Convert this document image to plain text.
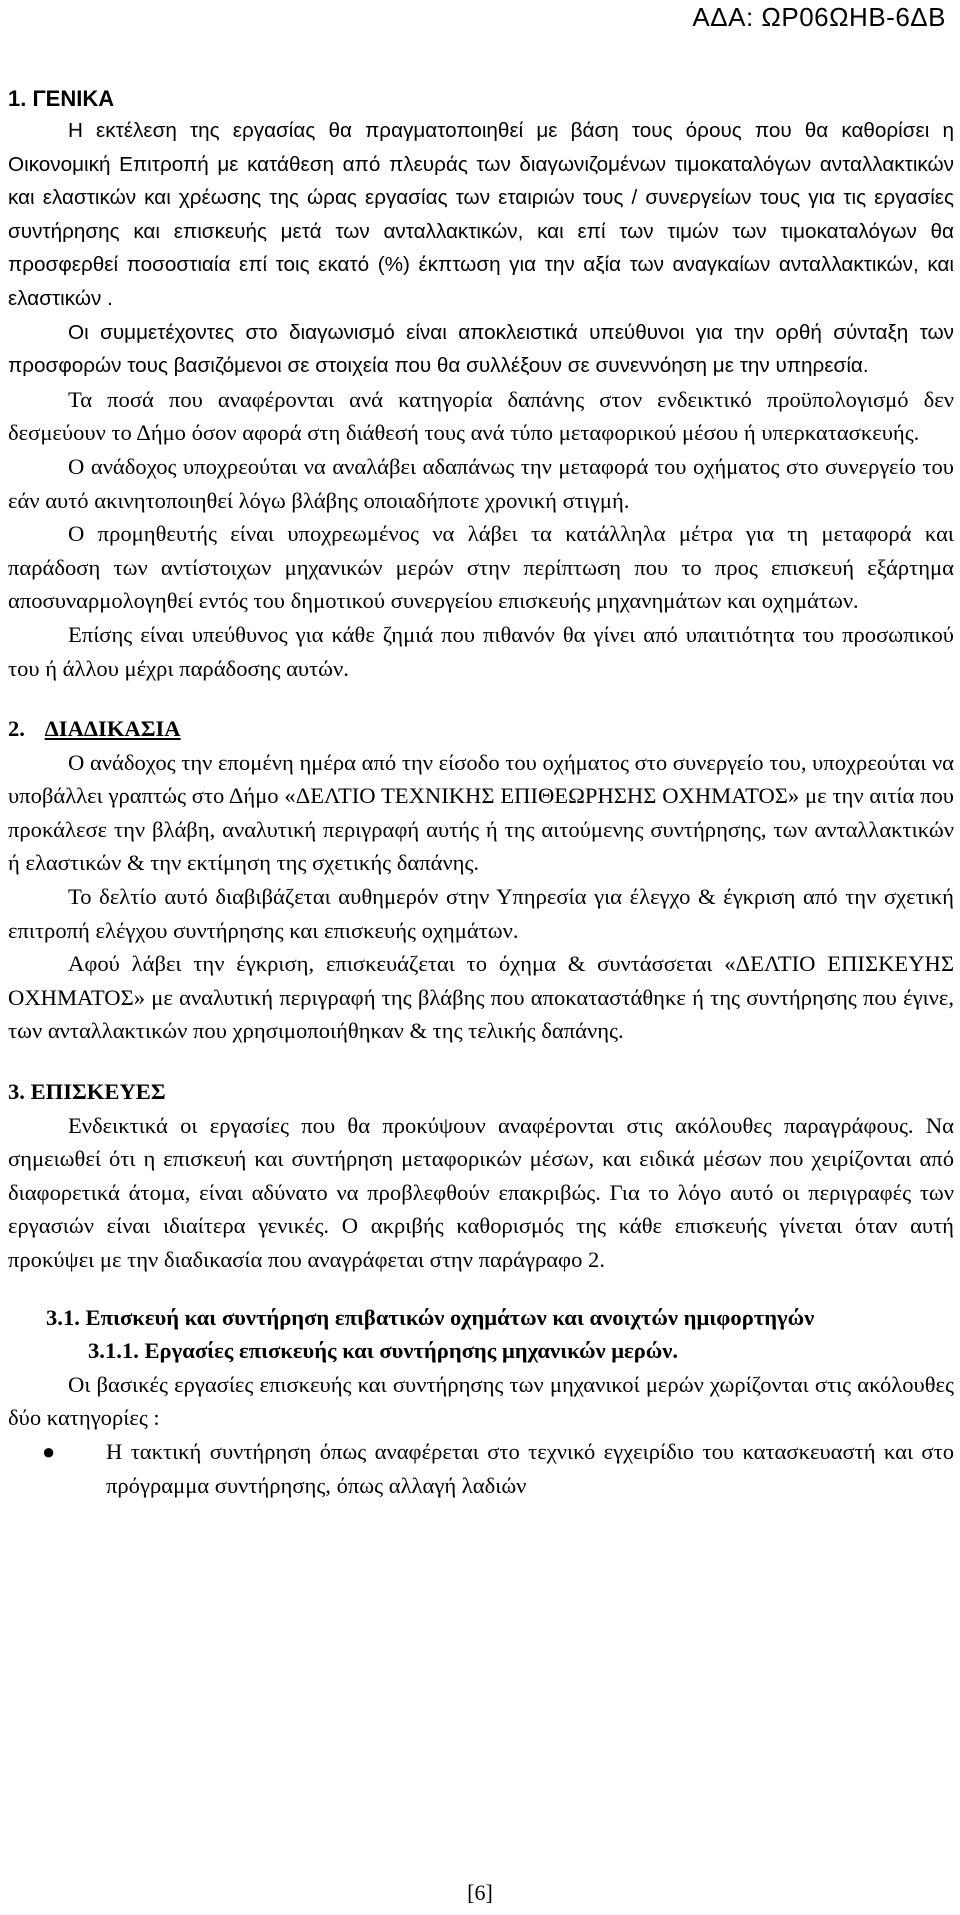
ΑΔΑ: ΩΡ06ΩΗΒ-6ΔΒ
1. ΓΕΝΙΚΑ

Η εκτέλεση της εργασίας θα πραγματοποιηθεί με βάση τους όρους που θα καθορίσει η Οικονομική Επιτροπή με κατάθεση από πλευράς των διαγωνιζομένων τιμοκαταλόγων ανταλλακτικών και ελαστικών και χρέωσης της ώρας εργασίας των εταιριών τους / συνεργείων τους για τις εργασίες συντήρησης και επισκευής μετά των ανταλλακτικών, και επί των τιμών των τιμοκαταλόγων θα προσφερθεί ποσοστιαία επί τοις εκατό (%) έκπτωση για την αξία των αναγκαίων ανταλλακτικών, και ελαστικών .

Οι συμμετέχοντες στο διαγωνισμό είναι αποκλειστικά υπεύθυνοι για την ορθή σύνταξη των προσφορών τους βασιζόμενοι σε στοιχεία που θα συλλέξουν σε συνεννόηση με την υπηρεσία.

Τα ποσά που αναφέρονται ανά κατηγορία δαπάνης στον ενδεικτικό προϋπολογισμό δεν δεσμεύουν το Δήμο όσον αφορά στη διάθεσή τους ανά τύπο μεταφορικού μέσου ή υπερκατασκευής.

Ο ανάδοχος υποχρεούται να αναλάβει αδαπάνως την μεταφορά του οχήματος στο συνεργείο του εάν αυτό ακινητοποιηθεί λόγω βλάβης οποιαδήποτε χρονική στιγμή.

Ο προμηθευτής είναι υποχρεωμένος να λάβει τα κατάλληλα μέτρα για τη μεταφορά και παράδοση των αντίστοιχων μηχανικών μερών στην περίπτωση που το προς επισκευή εξάρτημα αποσυναρμολογηθεί εντός του δημοτικού συνεργείου επισκευής μηχανημάτων και οχημάτων.

Επίσης είναι υπεύθυνος για κάθε ζημιά που πιθανόν θα γίνει από υπαιτιότητα του προσωπικού του ή άλλου μέχρι παράδοσης αυτών.

2. ΔΙΑΔΙΚΑΣΙΑ

Ο ανάδοχος την επομένη ημέρα από την είσοδο του οχήματος στο συνεργείο του, υποχρεούται να υποβάλλει γραπτώς στο Δήμο «ΔΕΛΤΙΟ ΤΕΧΝΙΚΗΣ ΕΠΙΘΕΩΡΗΣΗΣ ΟΧΗΜΑΤΟΣ» με την αιτία που προκάλεσε την βλάβη, αναλυτική περιγραφή αυτής ή της αιτούμενης συντήρησης, των ανταλλακτικών ή ελαστικών & την εκτίμηση της σχετικής δαπάνης.

Το δελτίο αυτό διαβιβάζεται αυθημερόν στην Υπηρεσία για έλεγχο & έγκριση από την σχετική επιτροπή ελέγχου συντήρησης και επισκευής οχημάτων.

Αφού λάβει την έγκριση, επισκευάζεται το όχημα & συντάσσεται «ΔΕΛΤΙΟ ΕΠΙΣΚΕΥΗΣ ΟΧΗΜΑΤΟΣ» με αναλυτική περιγραφή της βλάβης που αποκαταστάθηκε ή της συντήρησης που έγινε, των ανταλλακτικών που χρησιμοποιήθηκαν & της τελικής δαπάνης.

3. ΕΠΙΣΚΕΥΕΣ

Ενδεικτικά οι εργασίες που θα προκύψουν αναφέρονται στις ακόλουθες παραγράφους. Να σημειωθεί ότι η επισκευή και συντήρηση μεταφορικών μέσων, και ειδικά μέσων που χειρίζονται από διαφορετικά άτομα, είναι αδύνατο να προβλεφθούν επακριβώς. Για το λόγο αυτό οι περιγραφές των εργασιών είναι ιδιαίτερα γενικές. Ο ακριβής καθορισμός της κάθε επισκευής γίνεται όταν αυτή προκύψει με την διαδικασία που αναγράφεται στην παράγραφο 2.

3.1. Επισκευή και συντήρηση επιβατικών οχημάτων και ανοιχτών ημιφορτηγών
3.1.1. Εργασίες επισκευής και συντήρησης μηχανικών μερών.

Οι βασικές εργασίες επισκευής και συντήρησης των μηχανικοί μερών χωρίζονται στις ακόλουθες δύο κατηγορίες :

●	Η τακτική συντήρηση όπως αναφέρεται στο τεχνικό εγχειρίδιο του κατασκευαστή και στο πρόγραμμα συντήρησης, όπως αλλαγή λαδιών
[6]
